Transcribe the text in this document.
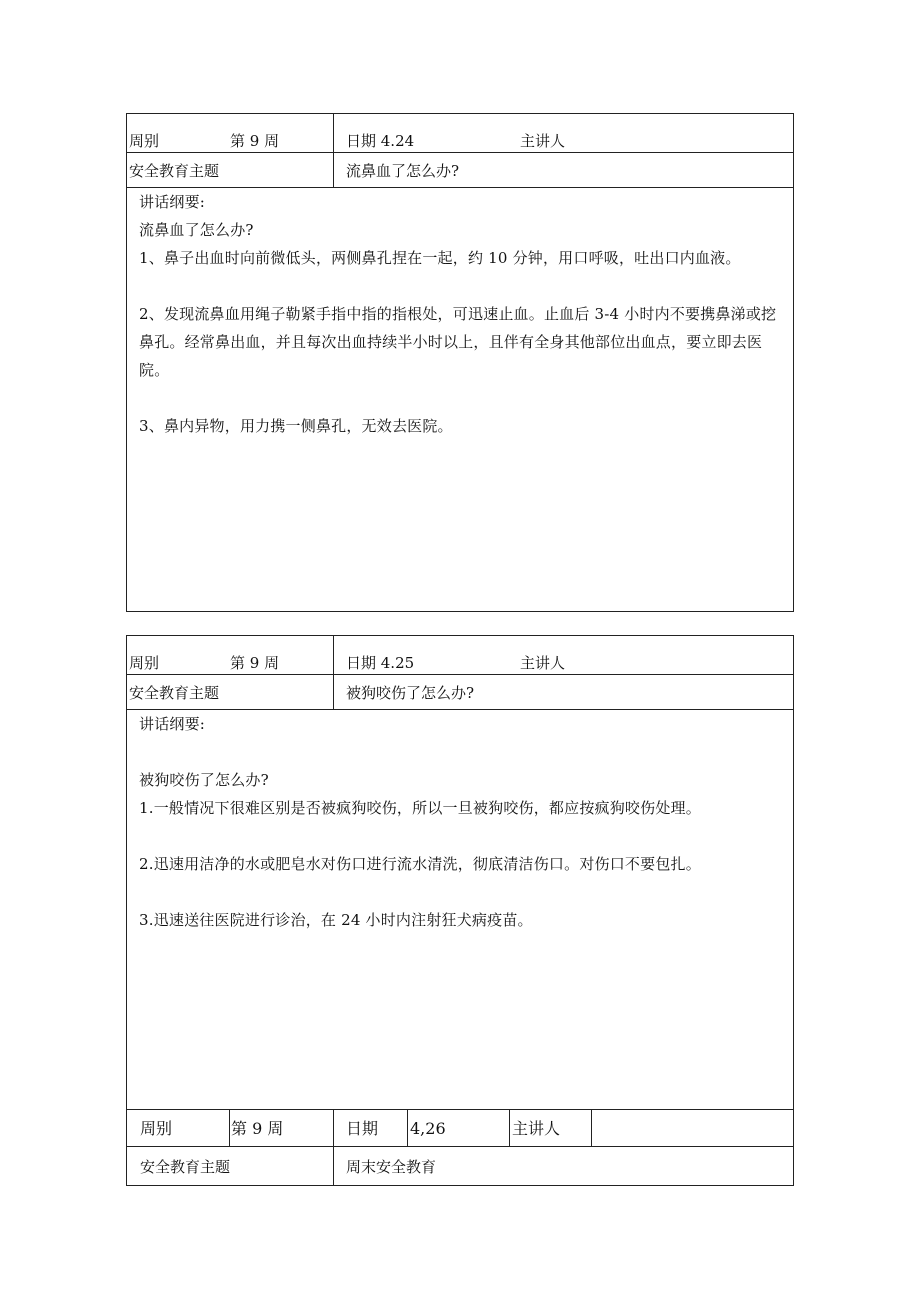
周别	第 9 周	日期 4.24	主讲人
安全教育主题	流鼻血了怎么办?

讲话纲要:

流鼻血了怎么办?

1、鼻子出血时向前微低头，两侧鼻孔捏在一起，约 10 分钟，用口呼吸，吐出口内血液。

2、发现流鼻血用绳子勒紧手指中指的指根处，可迅速止血。止血后 3-4 小时内不要携鼻涕或挖鼻孔。经常鼻出血，并且每次出血持续半小时以上，且伴有全身其他部位出血点，要立即去医院。

3、鼻内异物，用力携一侧鼻孔，无效去医院。

周别	第 9 周	日期 4.25	主讲人
安全教育主题	被狗咬伤了怎么办?

讲话纲要:

被狗咬伤了怎么办?

1.一般情况下很难区别是否被疯狗咬伤，所以一旦被狗咬伤，都应按疯狗咬伤处理。

2.迅速用洁净的水或肥皂水对伤口进行流水清洗，彻底清洁伤口。对伤口不要包扎。

3.迅速送往医院进行诊治，在 24 小时内注射狂犬病疫苗。

周别	第 9 周	日期 4,26	主讲人
安全教育主题	周末安全教育
